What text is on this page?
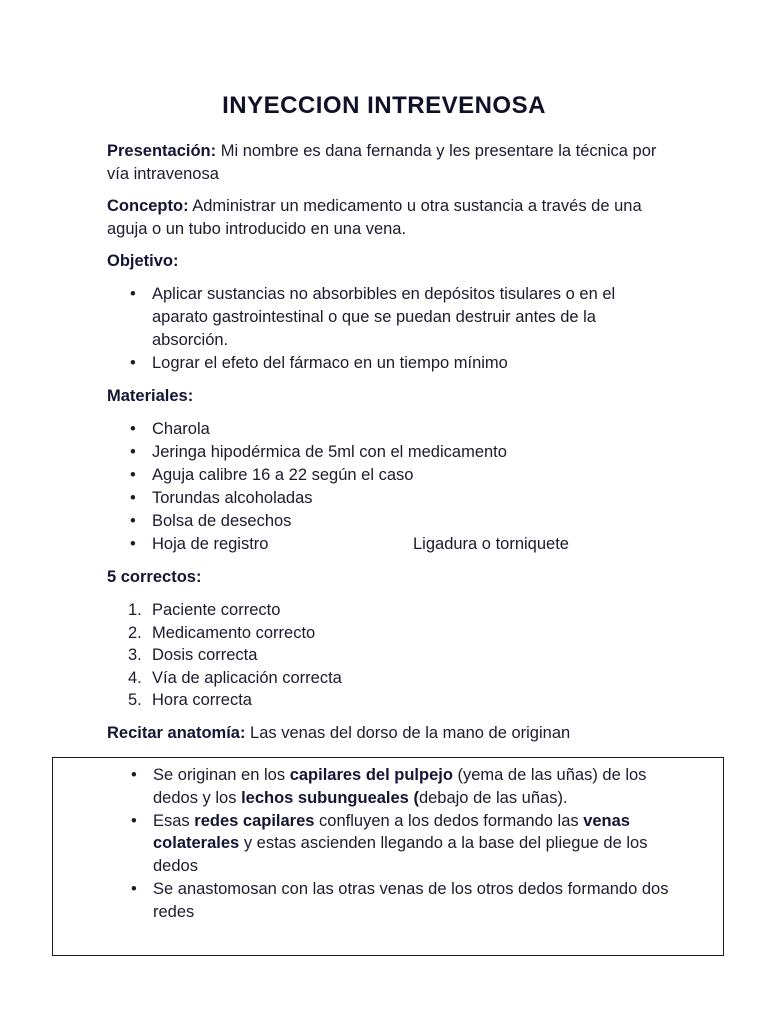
INYECCION INTREVENOSA

Presentación: Mi nombre es dana fernanda y les presentare la técnica por vía intravenosa

Concepto: Administrar un medicamento u otra sustancia a través de una aguja o un tubo introducido en una vena.

Objetivo:

• Aplicar sustancias no absorbibles en depósitos tisulares o en el aparato gastrointestinal o que se puedan destruir antes de la absorción.
• Lograr el efeto del fármaco en un tiempo mínimo

Materiales:

• Charola
• Jeringa hipodérmica de 5ml con el medicamento
• Aguja calibre 16 a 22 según el caso
• Torundas alcoholadas
• Bolsa de desechos
• Hoja de registro	Ligadura o torniquete

5 correctos:

1. Paciente correcto
2. Medicamento correcto
3. Dosis correcta
4. Vía de aplicación correcta
5. Hora correcta

Recitar anatomía: Las venas del dorso de la mano de originan

• Se originan en los capilares del pulpejo (yema de las uñas) de los dedos y los lechos subungueales (debajo de las uñas).
• Esas redes capilares confluyen a los dedos formando las venas colaterales y estas ascienden llegando a la base del pliegue de los dedos
• Se anastomosan con las otras venas de los otros dedos formando dos redes
